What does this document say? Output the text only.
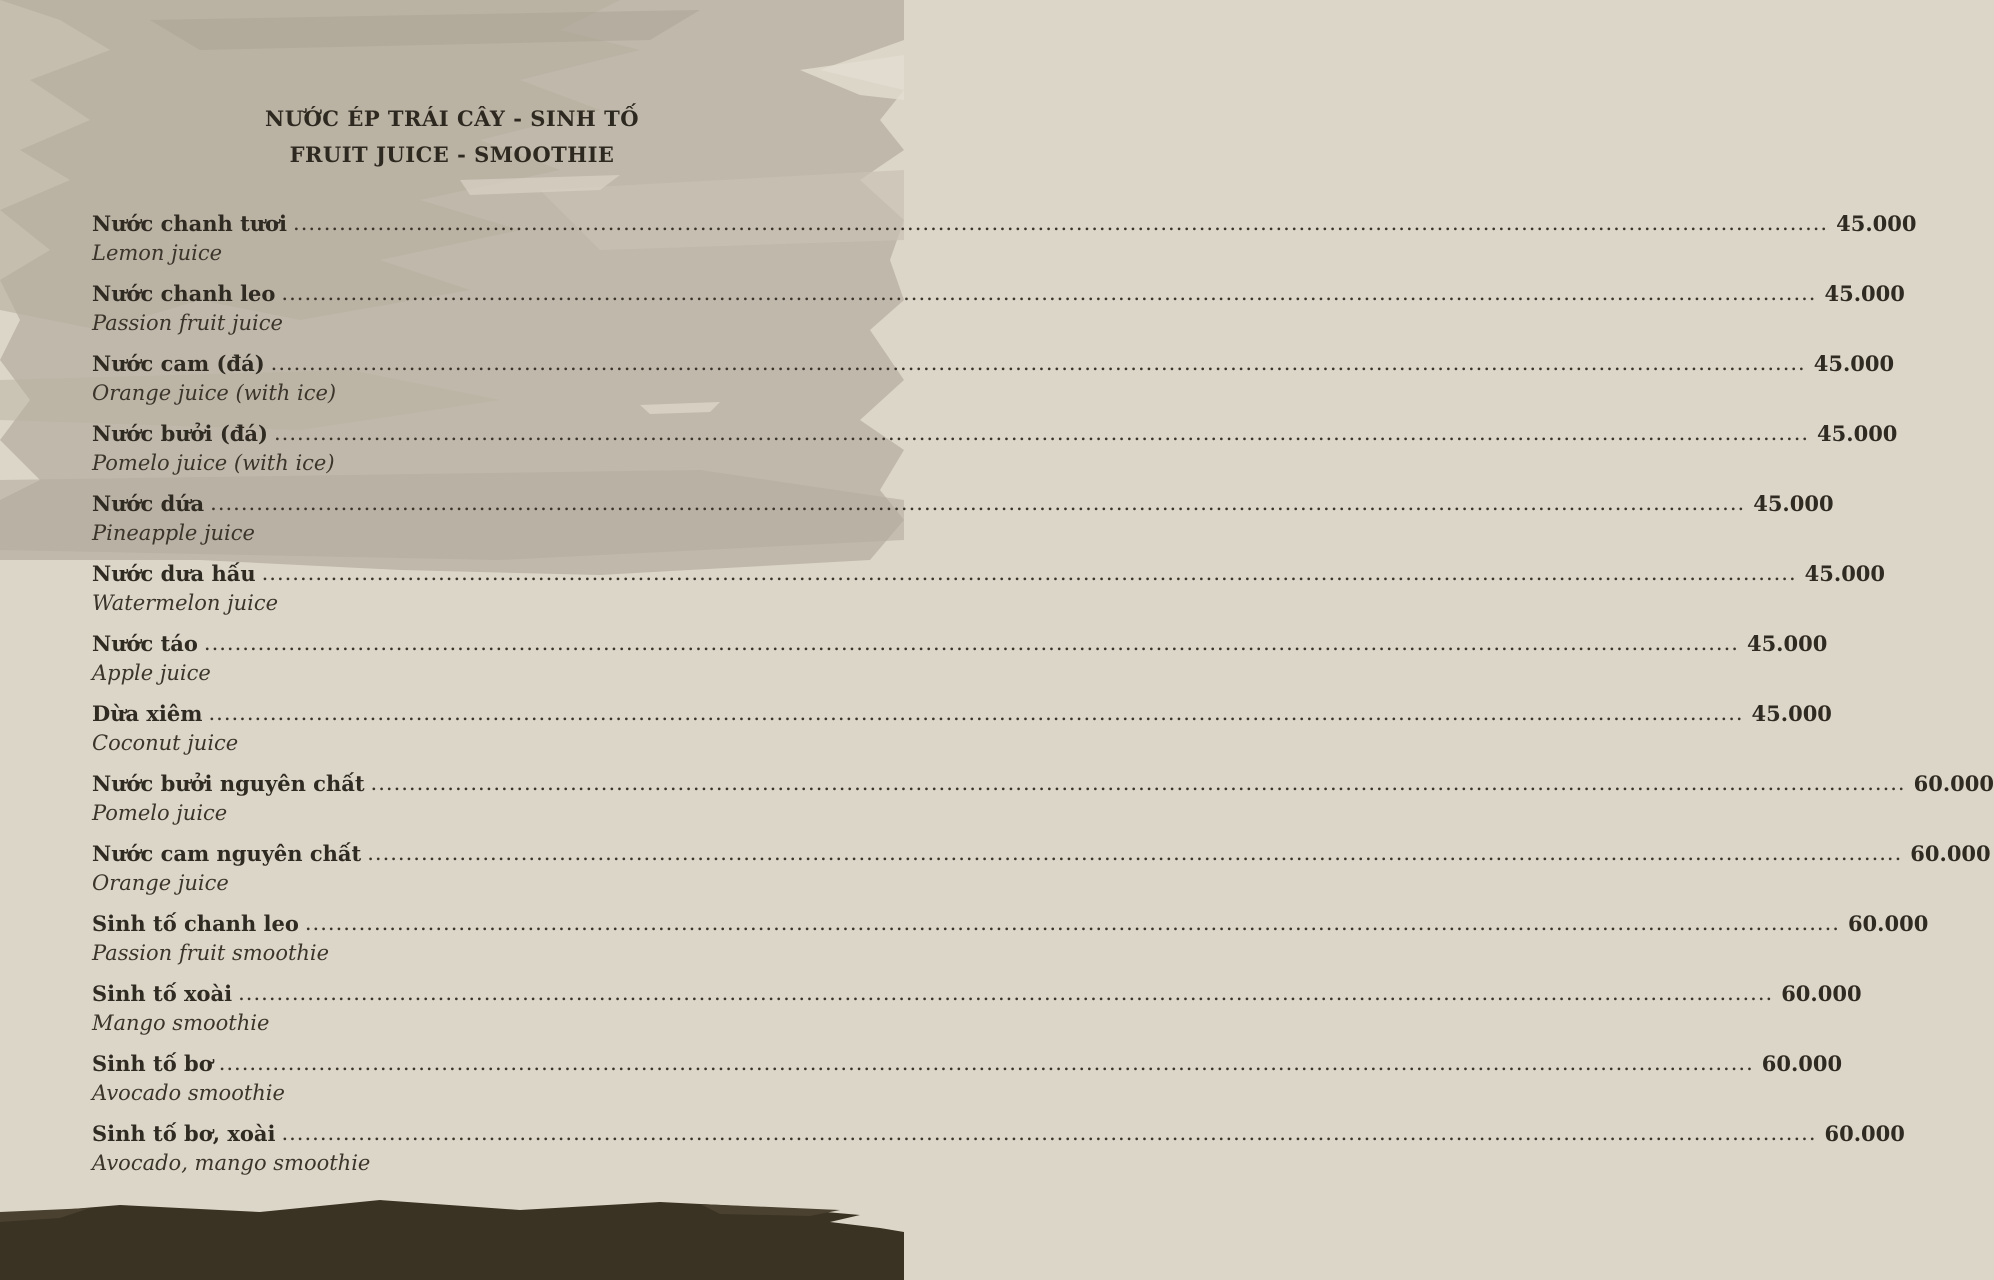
NƯỚC ÉP TRÁI CÂY - SINH TỐ
FRUIT JUICE - SMOOTHIE
Nước chanh tươi ........................................................................................................................................................................................................ 45.000
Lemon juice
Nước chanh leo ........................................................................................................................................................................................................ 45.000
Passion fruit juice
Nước cam (đá) ........................................................................................................................................................................................................ 45.000
Orange juice (with ice)
Nước bưởi (đá) ........................................................................................................................................................................................................ 45.000
Pomelo juice (with ice)
Nước dứa ........................................................................................................................................................................................................ 45.000
Pineapple juice
Nước dưa hấu ........................................................................................................................................................................................................ 45.000
Watermelon juice
Nước táo ........................................................................................................................................................................................................ 45.000
Apple juice
Dừa xiêm ........................................................................................................................................................................................................ 45.000
Coconut juice
Nước bưởi nguyên chất ........................................................................................................................................................................................................ 60.000
Pomelo juice
Nước cam nguyên chất ........................................................................................................................................................................................................ 60.000
Orange juice
Sinh tố chanh leo ........................................................................................................................................................................................................ 60.000
Passion fruit smoothie
Sinh tố xoài ........................................................................................................................................................................................................ 60.000
Mango smoothie
Sinh tố bơ ........................................................................................................................................................................................................ 60.000
Avocado smoothie
Sinh tố bơ, xoài ........................................................................................................................................................................................................ 60.000
Avocado, mango smoothie
